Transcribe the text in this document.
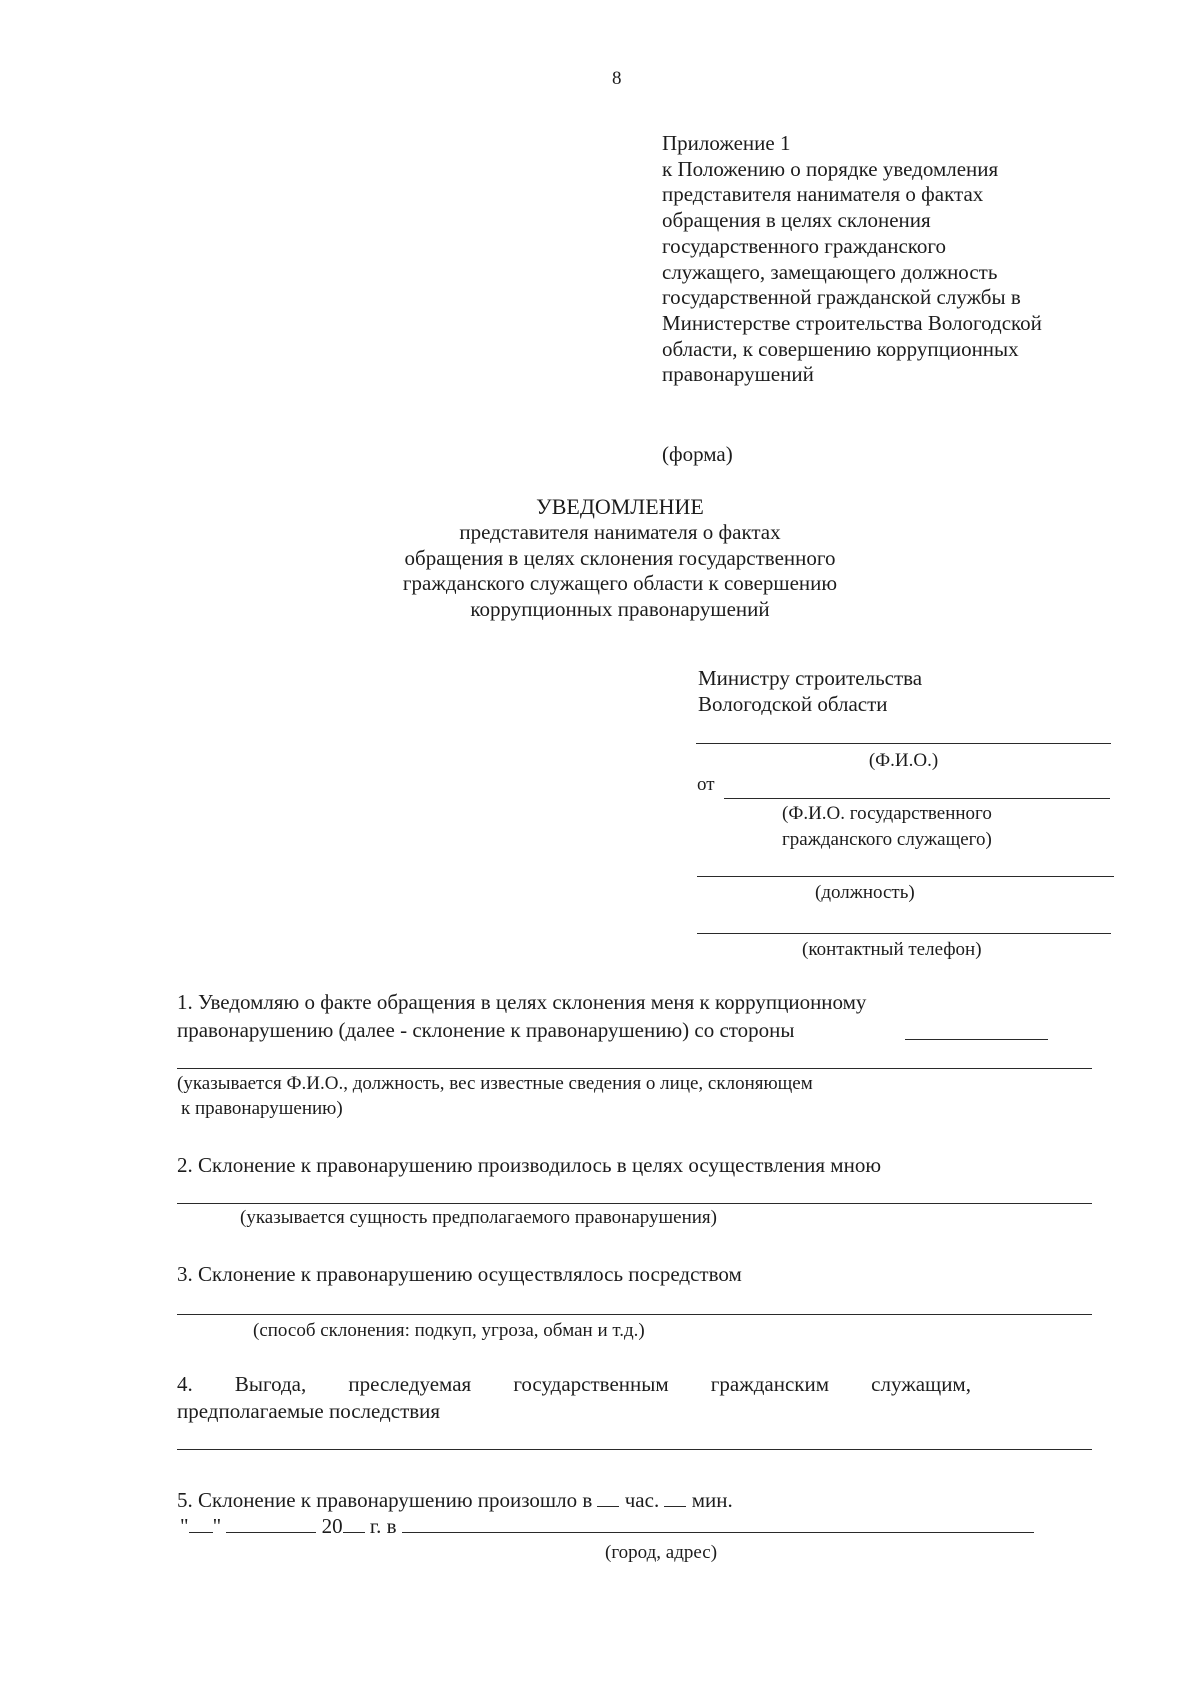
8
Приложение 1
к Положению о порядке уведомления
представителя нанимателя о фактах
обращения в целях склонения
государственного гражданского
служащего, замещающего должность
государственной гражданской службы в
Министерстве строительства Вологодской
области, к совершению коррупционных
правонарушений
(форма)
УВЕДОМЛЕНИЕ
представителя нанимателя о фактах
обращения в целях склонения государственного
гражданского служащего области к совершению
коррупционных правонарушений
Министру строительства
Вологодской области
(Ф.И.О.)
от
(Ф.И.О. государственного
гражданского служащего)
(должность)
(контактный телефон)
1. Уведомляю о факте обращения в целях склонения меня к коррупционному
правонарушению (далее - склонение к правонарушению) со стороны
(указывается Ф.И.О., должность, вес известные сведения о лице, склоняющем
к правонарушению)
2. Склонение к правонарушению производилось в целях осуществления мною
(указывается сущность предполагаемого правонарушения)
3. Склонение к правонарушению осуществлялось посредством
(способ склонения: подкуп, угроза, обман и т.д.)
4. Выгода, преследуемая государственным гражданским служащим,
предполагаемые последствия
5. Склонение к правонарушению произошло в час. мин.
" "	20 г. в
(город, адрес)
